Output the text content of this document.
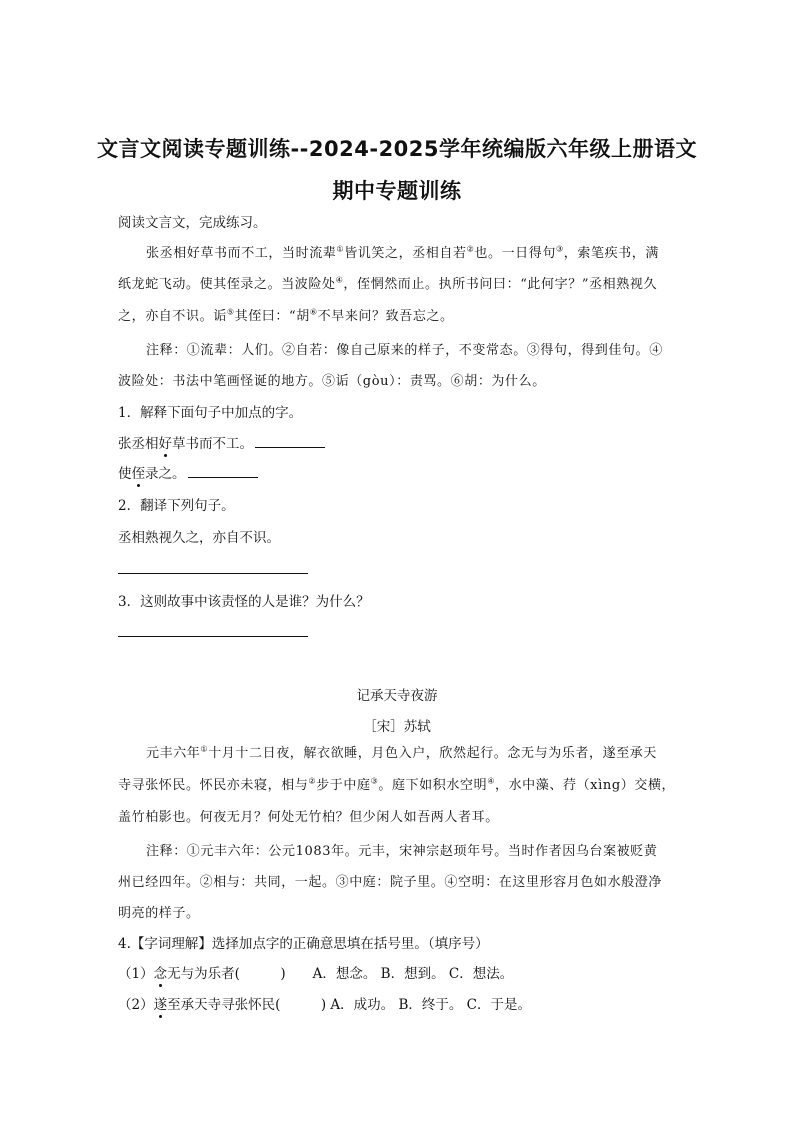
文言文阅读专题训练--2024-2025学年统编版六年级上册语文
期中专题训练
阅读文言文，完成练习。
张丞相好草书而不工，当时流辈①皆讥笑之，丞相自若②也。一日得句③，索笔疾书，满
纸龙蛇飞动。使其侄录之。当波险处④，侄惘然而止。执所书问曰：“此何字？”丞相熟视久
之，亦自不识。诟⑤其侄曰：“胡⑥不早来问？致吾忘之。
注释：①流辈：人们。②自若：像自己原来的样子，不变常态。③得句，得到佳句。④
波险处：书法中笔画怪诞的地方。⑤诟（gòu）：责骂。⑥胡：为什么。
1．解释下面句子中加点的字。
张丞相好草书而不工。
使侄录之。
2．翻译下列句子。
丞相熟视久之，亦自不识。
3．这则故事中该责怪的人是谁？为什么？
记承天寺夜游
［宋］苏轼
元丰六年①十月十二日夜，解衣欲睡，月色入户，欣然起行。念无与为乐者，遂至承天
寺寻张怀民。怀民亦未寝，相与②步于中庭③。庭下如积水空明④，水中藻、荇（xìng）交横，
盖竹柏影也。何夜无月？何处无竹柏？但少闲人如吾两人者耳。
注释：①元丰六年：公元1083年。元丰，宋神宗赵顼年号。当时作者因乌台案被贬黄
州已经四年。②相与：共同，一起。③中庭：院子里。④空明：在这里形容月色如水般澄净
明亮的样子。
4.【字词理解】选择加点字的正确意思填在括号里。（填序号）
（1）念无与为乐者(　　　)　　A．想念。 B．想到。 C．想法。
（2）遂至承天寺寻张怀民(　　　) A．成功。 B．终于。 C．于是。
